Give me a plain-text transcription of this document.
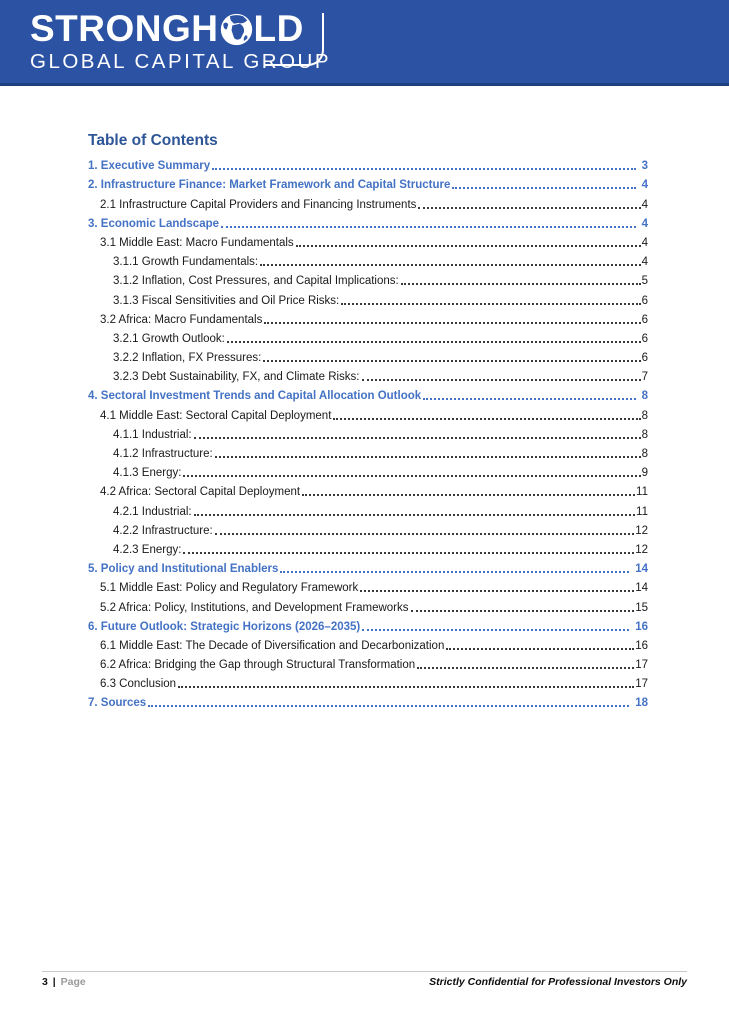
STRONGH LD
GLOBAL CAPITAL GROUP
Table of Contents
1. Executive Summary	3
2. Infrastructure Finance: Market Framework and Capital Structure	4
2.1 Infrastructure Capital Providers and Financing Instruments	4
3. Economic Landscape	4
3.1 Middle East: Macro Fundamentals	4
3.1.1 Growth Fundamentals:	4
3.1.2 Inflation, Cost Pressures, and Capital Implications:	5
3.1.3 Fiscal Sensitivities and Oil Price Risks:	6
3.2 Africa: Macro Fundamentals	6
3.2.1 Growth Outlook:	6
3.2.2 Inflation, FX Pressures:	6
3.2.3 Debt Sustainability, FX, and Climate Risks:	7
4. Sectoral Investment Trends and Capital Allocation Outlook	8
4.1 Middle East: Sectoral Capital Deployment	8
4.1.1 Industrial:	8
4.1.2 Infrastructure:	8
4.1.3 Energy:	9
4.2 Africa: Sectoral Capital Deployment	11
4.2.1 Industrial:	11
4.2.2 Infrastructure:	12
4.2.3 Energy:	12
5. Policy and Institutional Enablers	14
5.1 Middle East: Policy and Regulatory Framework	14
5.2 Africa: Policy, Institutions, and Development Frameworks	15
6. Future Outlook: Strategic Horizons (2026–2035)	16
6.1 Middle East: The Decade of Diversification and Decarbonization	16
6.2 Africa: Bridging the Gap through Structural Transformation	17
6.3 Conclusion	17
7. Sources	18
3 | Page	Strictly Confidential for Professional Investors Only
